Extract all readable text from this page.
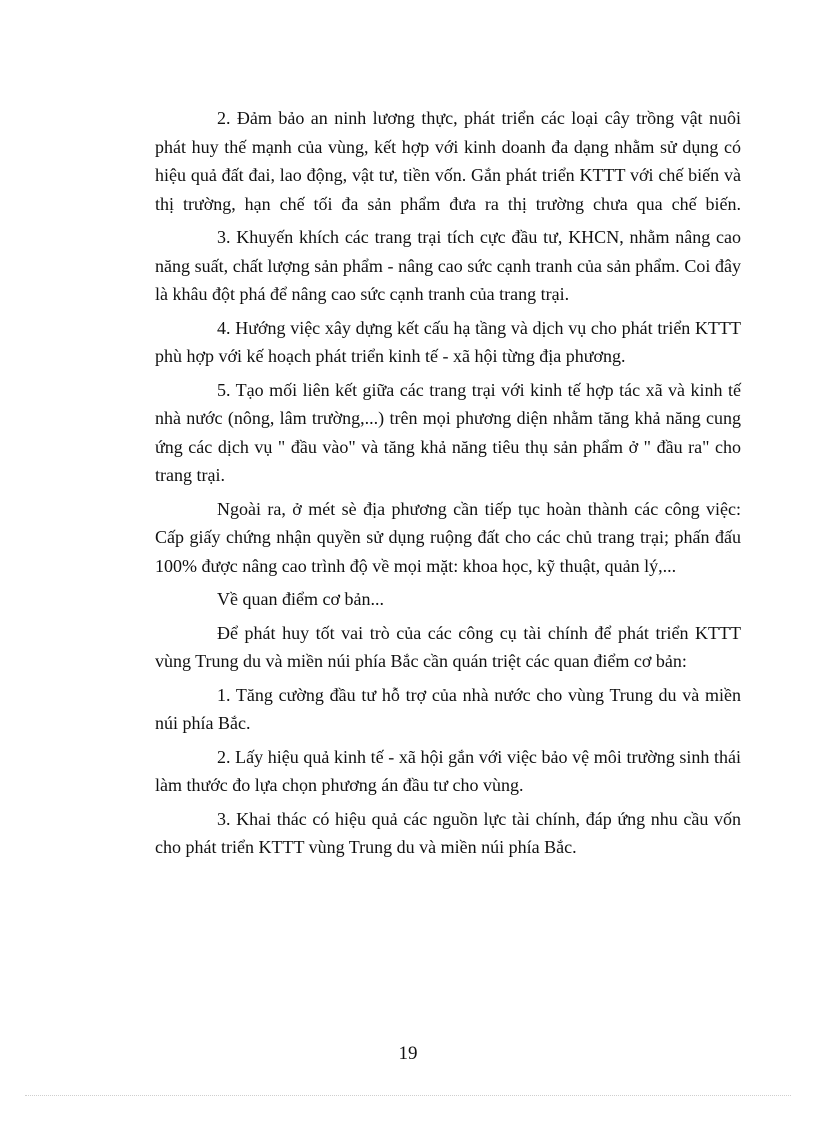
2. Đảm bảo an ninh lương thực, phát triển các loại cây trồng vật nuôi phát huy thế mạnh của vùng, kết hợp với kinh doanh đa dạng nhằm sử dụng có hiệu quả đất đai, lao động, vật tư, tiền vốn. Gắn phát triển KTTT với chế biến và thị trường, hạn chế tối đa sản phẩm đưa ra thị trường chưa qua chế biến.

3. Khuyến khích các trang trại tích cực đầu tư, KHCN, nhằm nâng cao năng suất, chất lượng sản phẩm - nâng cao sức cạnh tranh của sản phẩm. Coi đây là khâu đột phá để nâng cao sức cạnh tranh của trang trại.

4. Hướng việc xây dựng kết cấu hạ tầng và dịch vụ cho phát triển KTTT phù hợp với kế hoạch phát triển kinh tế - xã hội từng địa phương.

5. Tạo mối liên kết giữa các trang trại với kinh tế hợp tác xã và kinh tế nhà nước (nông, lâm trường,...) trên mọi phương diện nhằm tăng khả năng cung ứng các dịch vụ " đầu vào" và tăng khả năng tiêu thụ sản phẩm ở " đầu ra" cho trang trại.

Ngoài ra, ở mét sè địa phương cần tiếp tục hoàn thành các công việc: Cấp giấy chứng nhận quyền sử dụng ruộng đất cho các chủ trang trại; phấn đấu 100% được nâng cao trình độ về mọi mặt: khoa học, kỹ thuật, quản lý,...

Về quan điểm cơ bản...

Để phát huy tốt vai trò của các công cụ tài chính để phát triển KTTT vùng Trung du và miền núi phía Bắc cần quán triệt các quan điểm cơ bản:

1. Tăng cường đầu tư hỗ trợ của nhà nước cho vùng Trung du và miền núi phía Bắc.

2. Lấy hiệu quả kinh tế - xã hội gắn với việc bảo vệ môi trường sinh thái làm thước đo lựa chọn phương án đầu tư cho vùng.

3. Khai thác có hiệu quả các nguồn lực tài chính, đáp ứng nhu cầu vốn cho phát triển KTTT vùng Trung du và miền núi phía Bắc.

19
